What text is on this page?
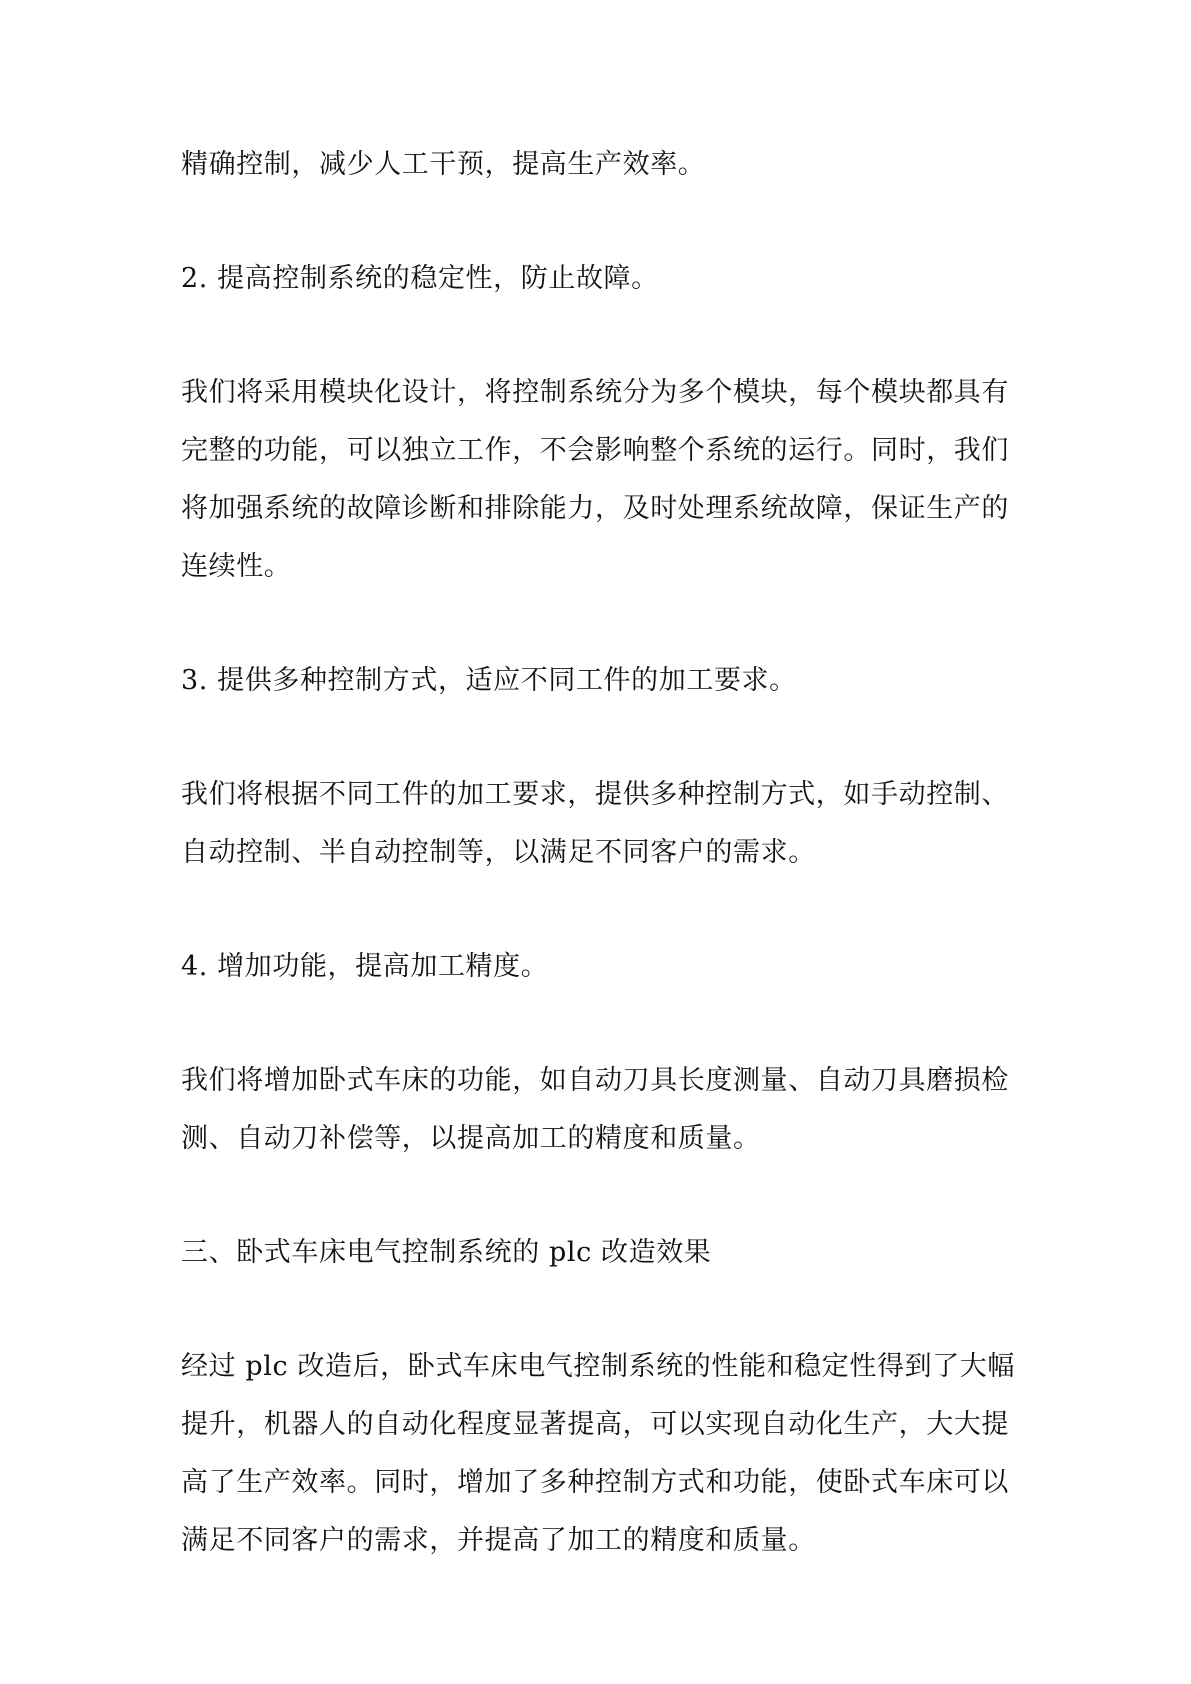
精确控制，减少人工干预，提高生产效率。

2. 提高控制系统的稳定性，防止故障。

我们将采用模块化设计，将控制系统分为多个模块，每个模块都具有完整的功能，可以独立工作，不会影响整个系统的运行。同时，我们将加强系统的故障诊断和排除能力，及时处理系统故障，保证生产的连续性。

3. 提供多种控制方式，适应不同工件的加工要求。

我们将根据不同工件的加工要求，提供多种控制方式，如手动控制、自动控制、半自动控制等，以满足不同客户的需求。

4. 增加功能，提高加工精度。

我们将增加卧式车床的功能，如自动刀具长度测量、自动刀具磨损检测、自动刀补偿等，以提高加工的精度和质量。

三、卧式车床电气控制系统的 plc 改造效果

经过 plc 改造后，卧式车床电气控制系统的性能和稳定性得到了大幅提升，机器人的自动化程度显著提高，可以实现自动化生产，大大提高了生产效率。同时，增加了多种控制方式和功能，使卧式车床可以满足不同客户的需求，并提高了加工的精度和质量。
